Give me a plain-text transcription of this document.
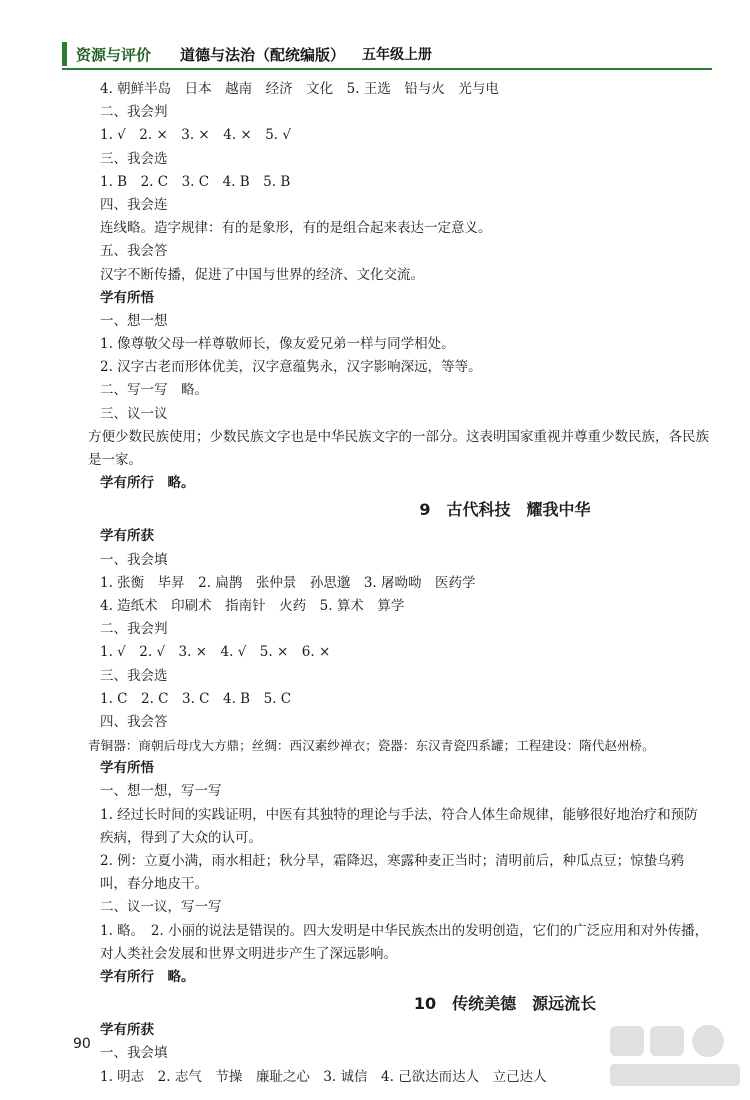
资源与评价 道德与法治（配统编版） 五年级上册
4. 朝鲜半岛　日本　越南　经济　文化　5. 王选　铅与火　光与电
二、我会判
1. √　2. ×　3. ×　4. ×　5. √
三、我会选
1. B　2. C　3. C　4. B　5. B
四、我会连
连线略。造字规律：有的是象形，有的是组合起来表达一定意义。
五、我会答
汉字不断传播，促进了中国与世界的经济、文化交流。
学有所悟
一、想一想
1. 像尊敬父母一样尊敬师长，像友爱兄弟一样与同学相处。
2. 汉字古老而形体优美，汉字意蕴隽永，汉字影响深远，等等。
二、写一写　略。
三、议一议
方便少数民族使用；少数民族文字也是中华民族文字的一部分。这表明国家重视并尊重少数民族，各民族是一家。
学有所行　略。
9　古代科技　耀我中华
学有所获
一、我会填
1. 张衡　毕昇　2. 扁鹊　张仲景　孙思邈　3. 屠呦呦　医药学
4. 造纸术　印刷术　指南针　火药　5. 算术　算学
二、我会判
1. √　2. √　3. ×　4. √　5. ×　6. ×
三、我会选
1. C　2. C　3. C　4. B　5. C
四、我会答
青铜器：商朝后母戊大方鼎；丝绸：西汉素纱禅衣；瓷器：东汉青瓷四系罐；工程建设：隋代赵州桥。
学有所悟
一、想一想，写一写
1. 经过长时间的实践证明，中医有其独特的理论与手法，符合人体生命规律，能够很好地治疗和预防疾病，得到了大众的认可。
2. 例：立夏小满，雨水相赶；秋分旱，霜降迟，寒露种麦正当时；清明前后，种瓜点豆；惊蛰乌鸦叫，春分地皮干。
二、议一议，写一写
1. 略。　2. 小丽的说法是错误的。四大发明是中华民族杰出的发明创造，它们的广泛应用和对外传播，对人类社会发展和世界文明进步产生了深远影响。
学有所行　略。
10　传统美德　源远流长
学有所获
一、我会填
1. 明志　2. 志气　节操　廉耻之心　3. 诚信　4. 己欲达而达人　立己达人
90
